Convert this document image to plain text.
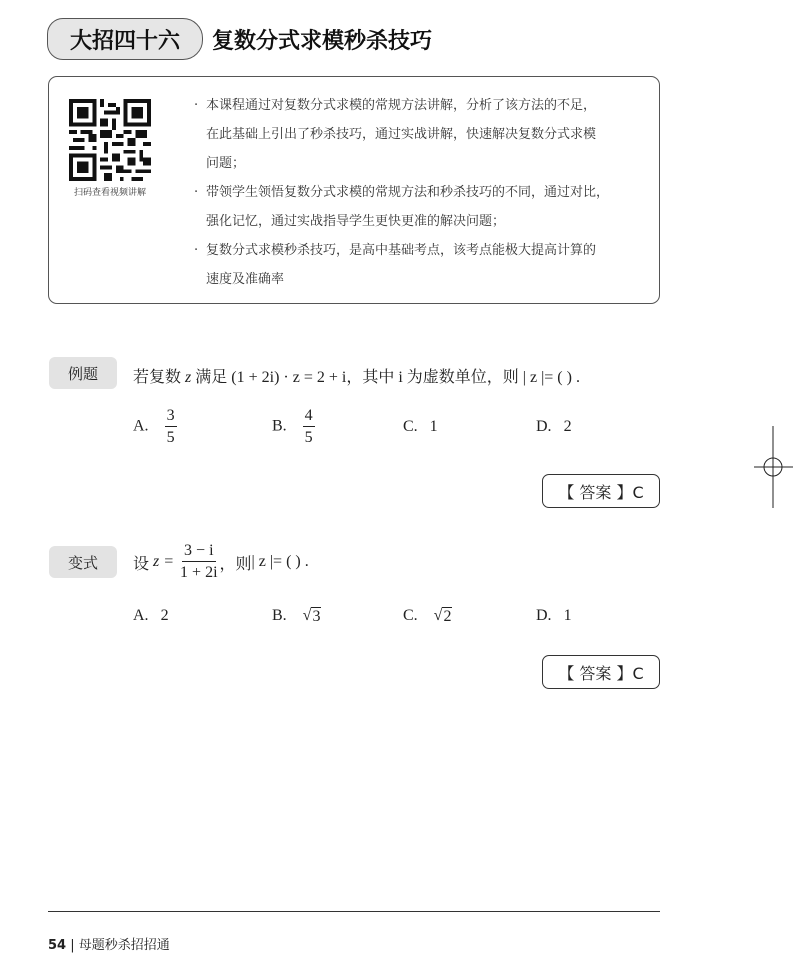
大招四十六	复数分式求模秒杀技巧
扫码查看视频讲解
· 本课程通过对复数分式求模的常规方法讲解，分析了该方法的不足，
在此基础上引出了秒杀技巧，通过实战讲解，快速解决复数分式求模
问题；
· 带领学生领悟复数分式求模的常规方法和秒杀技巧的不同，通过对比，
强化记忆，通过实战指导学生更快更准的解决问题；
· 复数分式求模秒杀技巧，是高中基础考点，该考点能极大提高计算的
速度及准确率
例题	若复数 z 满足 (1 + 2i) · z = 2 + i，其中 i 为虚数单位，则 | z |= ( ) .
A. $\frac{3}{5}$	B. $\frac{4}{5}$	C. 1	D. 2
【 答案 】C
变式	设
z =
$\frac{3 - i}{1 + 2i}$ ，则 | z |=
( ) .
A. 2	B. √ 3	C. √ 2	D. 1
【 答案 】C
54 | 母题秒杀招招通
